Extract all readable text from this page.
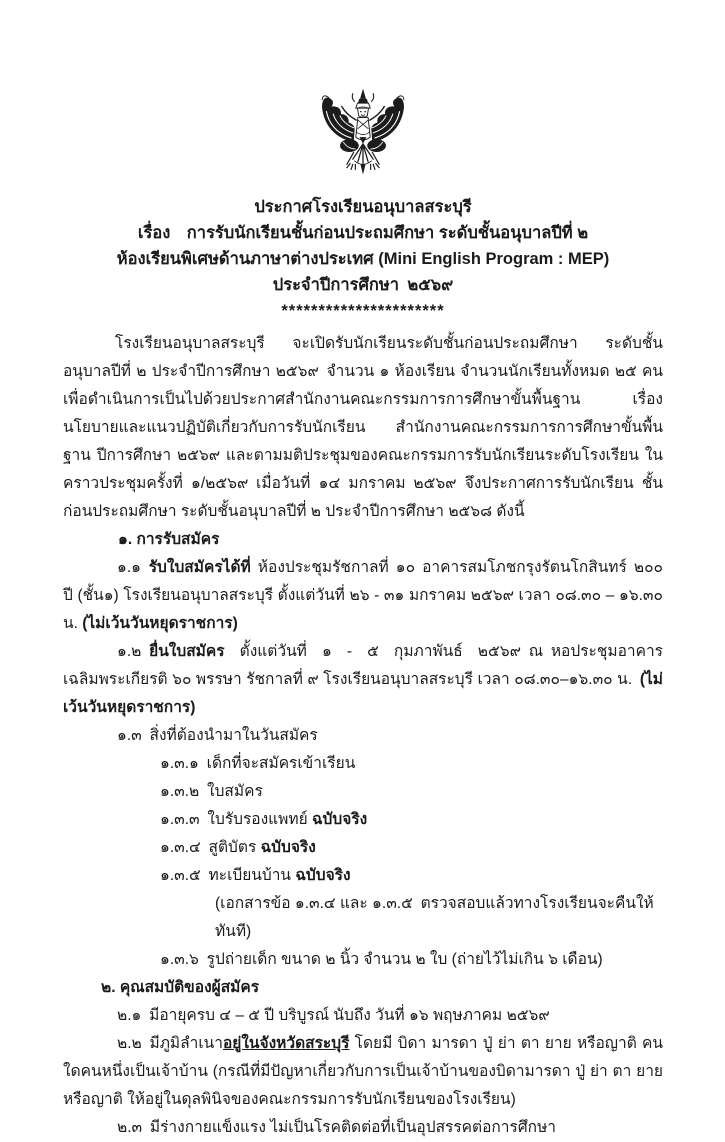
ประกาศโรงเรียนอนุบาลสระบุรี
เรื่อง การรับนักเรียนชั้นก่อนประถมศึกษา ระดับชั้นอนุบาลปีที่ ๒
ห้องเรียนพิเศษด้านภาษาต่างประเทศ (Mini English Program : MEP)
ประจำปีการศึกษา ๒๕๖๙
**********************

โรงเรียนอนุบาลสระบุรี จะเปิดรับนักเรียนระดับชั้นก่อนประถมศึกษา ระดับชั้นอนุบาลปีที่ ๒ ประจำปีการศึกษา ๒๕๖๙ จำนวน ๑ ห้องเรียน จำนวนนักเรียนทั้งหมด ๒๕ คน เพื่อดำเนินการเป็นไปด้วยประกาศสำนักงานคณะกรรมการการศึกษาขั้นพื้นฐาน เรื่อง นโยบายและแนวปฏิบัติเกี่ยวกับการรับนักเรียน สำนักงานคณะกรรมการการศึกษาขั้นพื้นฐาน ปีการศึกษา ๒๕๖๙ และตามมติประชุมของคณะกรรมการรับนักเรียนระดับโรงเรียน ในคราวประชุมครั้งที่ ๑/๒๕๖๙ เมื่อวันที่ ๑๔ มกราคม ๒๕๖๙ จึงประกาศการรับนักเรียน ชั้นก่อนประถมศึกษา ระดับชั้นอนุบาลปีที่ ๒ ประจำปีการศึกษา ๒๕๖๘ ดังนี้

๑. การรับสมัคร

๑.๑ รับใบสมัครได้ที่ ห้องประชุมรัชกาลที่ ๑๐ อาคารสมโภชกรุงรัตนโกสินทร์ ๒๐๐ ปี (ชั้น๑) โรงเรียนอนุบาลสระบุรี ตั้งแต่วันที่ ๒๖ - ๓๑ มกราคม ๒๕๖๙ เวลา ๐๘.๓๐ – ๑๖.๓๐ น. (ไม่เว้นวันหยุดราชการ)

๑.๒ ยื่นใบสมัคร ตั้งแต่วันที่ ๑ - ๕ กุมภาพันธ์ ๒๕๖๙ ณ หอประชุมอาคารเฉลิมพระเกียรติ ๖๐ พรรษา รัชกาลที่ ๙ โรงเรียนอนุบาลสระบุรี เวลา ๐๘.๓๐–๑๖.๓๐ น. (ไม่เว้นวันหยุดราชการ)

๑.๓ สิ่งที่ต้องนำมาในวันสมัคร

๑.๓.๑ เด็กที่จะสมัครเข้าเรียน

๑.๓.๒ ใบสมัคร

๑.๓.๓ ใบรับรองแพทย์ ฉบับจริง

๑.๓.๔ สูติบัตร ฉบับจริง

๑.๓.๕ ทะเบียนบ้าน ฉบับจริง

(เอกสารข้อ ๑.๓.๔ และ ๑.๓.๕ ตรวจสอบแล้วทางโรงเรียนจะคืนให้ทันที)

๑.๓.๖ รูปถ่ายเด็ก ขนาด ๒ นิ้ว จำนวน ๒ ใบ (ถ่ายไว้ไม่เกิน ๖ เดือน)

๒. คุณสมบัติของผู้สมัคร

๒.๑ มีอายุครบ ๔ – ๕ ปี บริบูรณ์ นับถึง วันที่ ๑๖ พฤษภาคม ๒๕๖๙

๒.๒ มีภูมิลำเนาอยู่ในจังหวัดสระบุรี โดยมี บิดา มารดา ปู่ ย่า ตา ยาย หรือญาติ คนใดคนหนึ่งเป็นเจ้าบ้าน (กรณีที่มีปัญหาเกี่ยวกับการเป็นเจ้าบ้านของบิดามารดา ปู่ ย่า ตา ยาย หรือญาติ ให้อยู่ในดุลพินิจของคณะกรรมการรับนักเรียนของโรงเรียน)

๒.๓ มีร่างกายแข็งแรง ไม่เป็นโรคติดต่อที่เป็นอุปสรรคต่อการศึกษา
